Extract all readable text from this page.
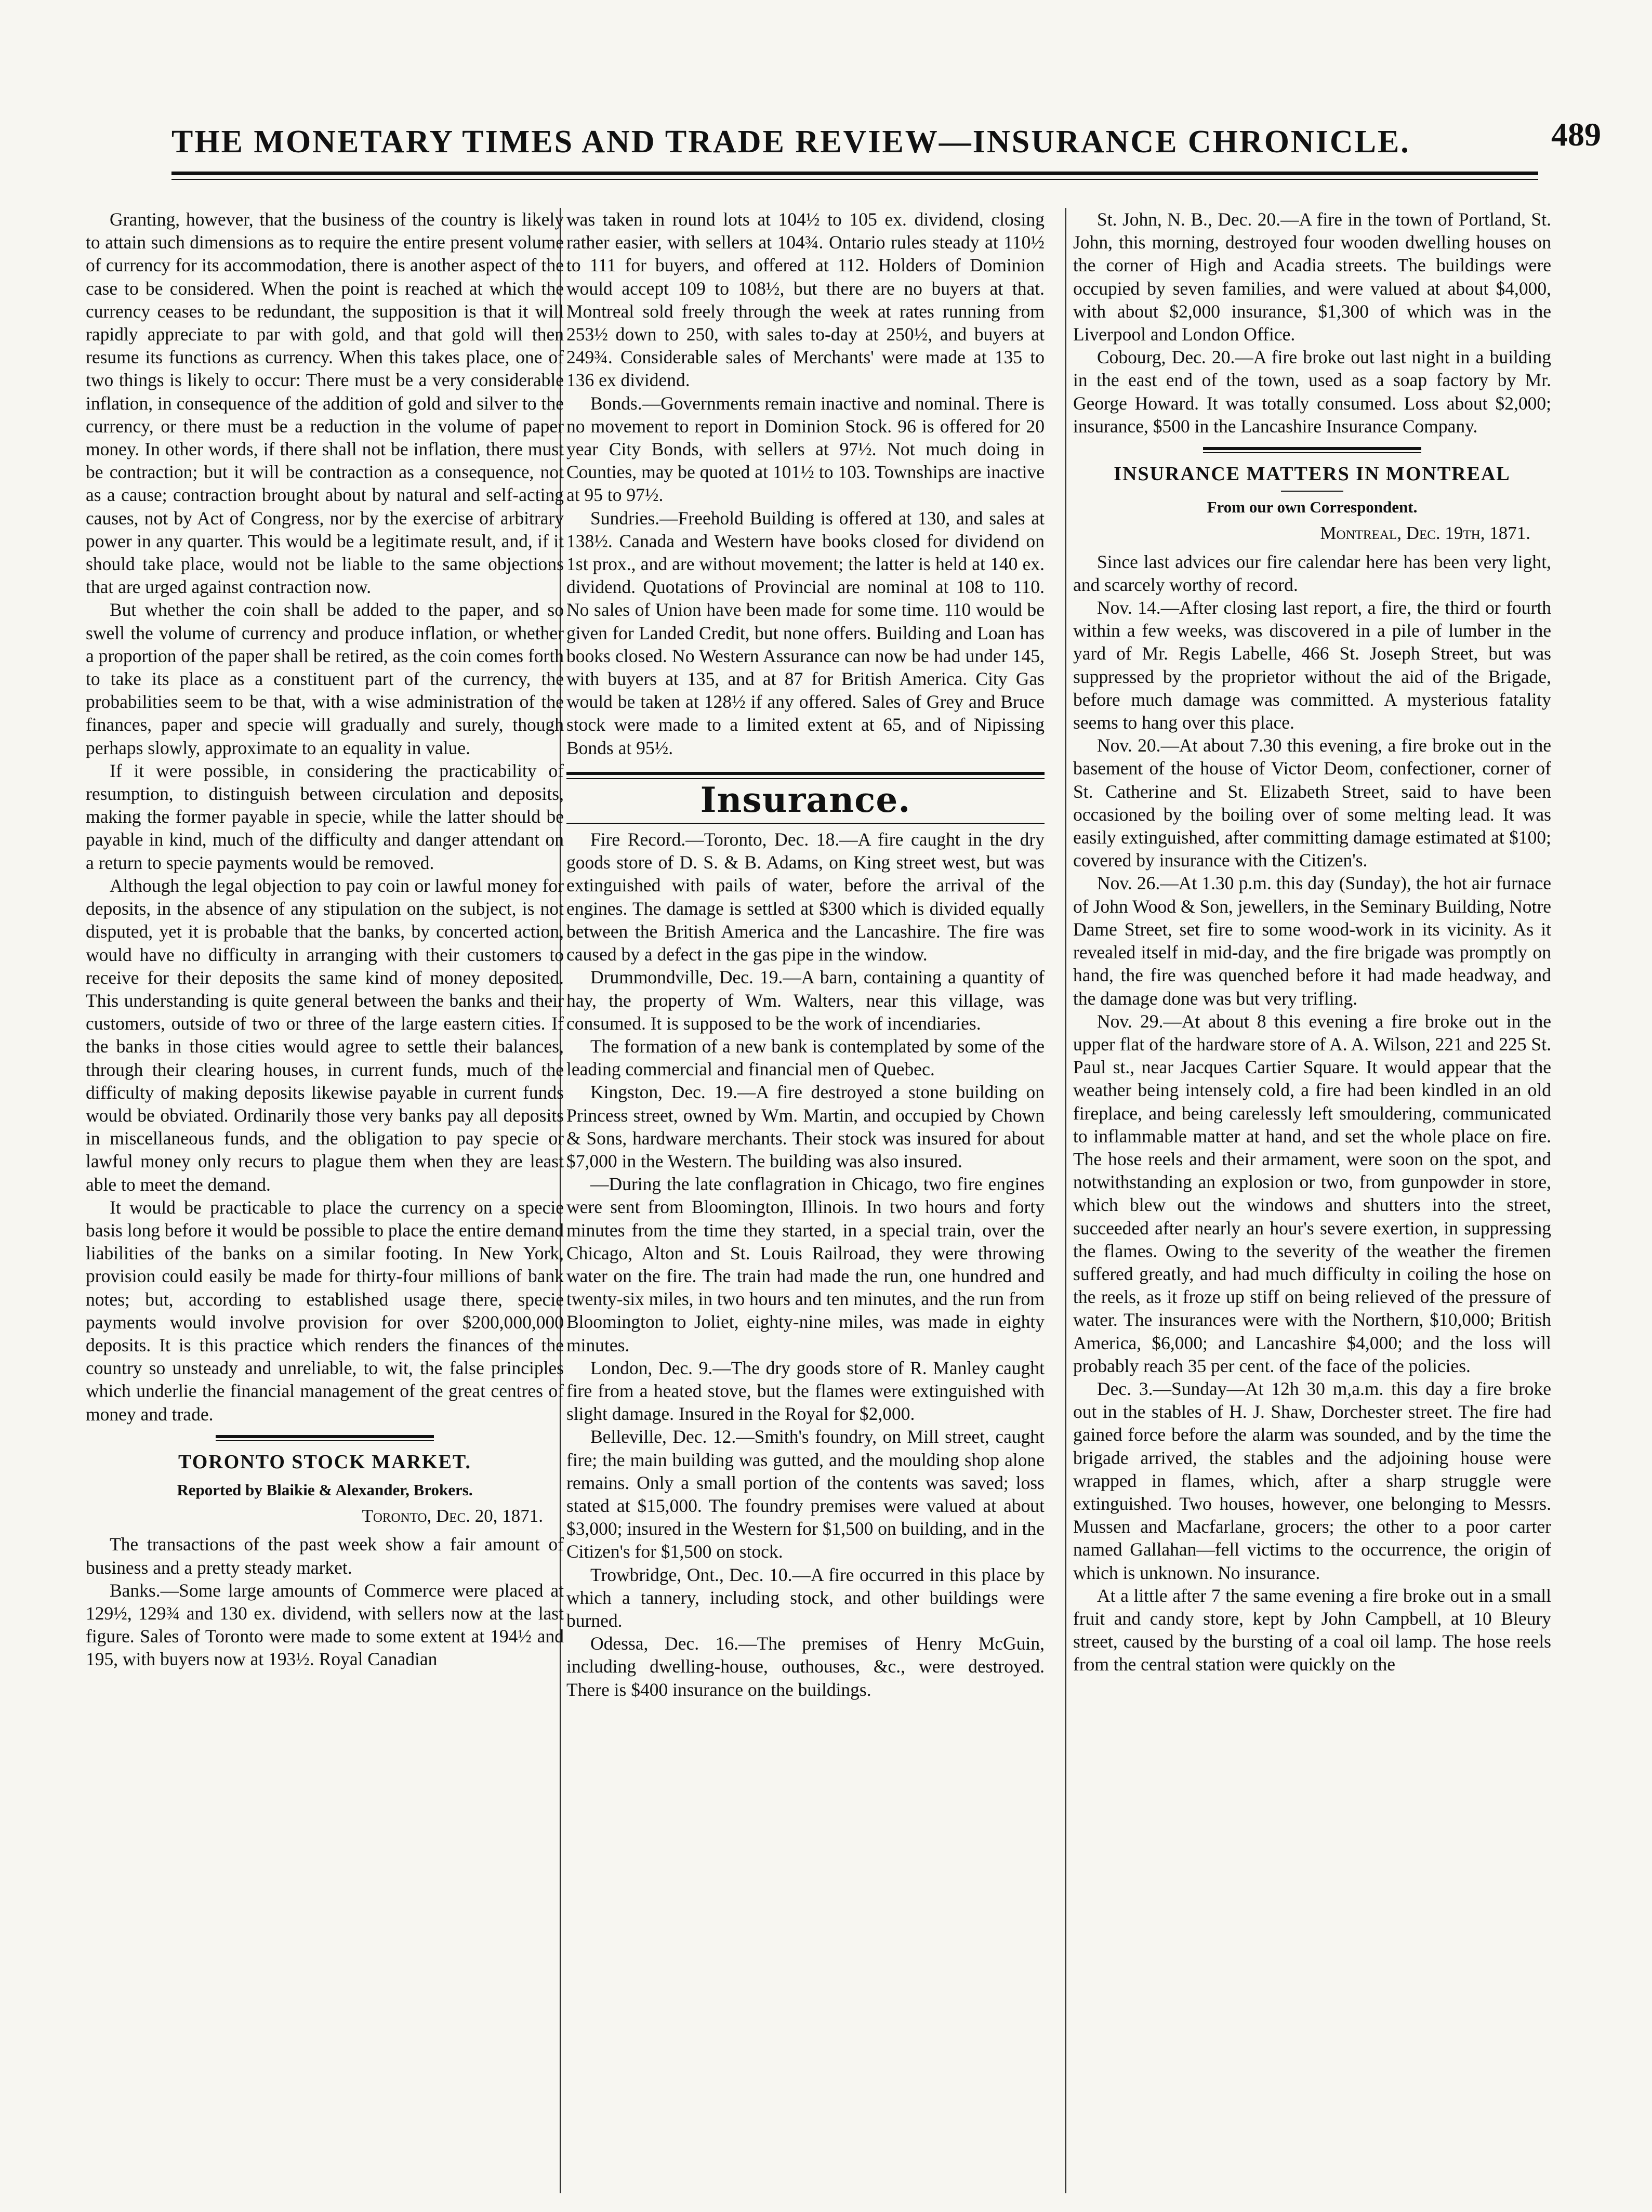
THE MONETARY TIMES AND TRADE REVIEW—INSURANCE CHRONICLE.	489

Granting, however, that the business of the country is likely to attain such dimensions as to require the entire present volume of currency for its accommodation, there is another aspect of the case to be considered. When the point is reached at which the currency ceases to be redundant, the supposition is that it will rapidly appreciate to par with gold, and that gold will then resume its functions as currency. When this takes place, one of two things is likely to occur: There must be a very considerable inflation, in consequence of the addition of gold and silver to the currency, or there must be a reduction in the volume of paper money. In other words, if there shall not be inflation, there must be contraction; but it will be contraction as a consequence, not as a cause; contraction brought about by natural and self-acting causes, not by Act of Congress, nor by the exercise of arbitrary power in any quarter. This would be a legitimate result, and, if it should take place, would not be liable to the same objections that are urged against contraction now.

But whether the coin shall be added to the paper, and so swell the volume of currency and produce inflation, or whether a proportion of the paper shall be retired, as the coin comes forth to take its place as a constituent part of the currency, the probabilities seem to be that, with a wise administration of the finances, paper and specie will gradually and surely, though perhaps slowly, approximate to an equality in value.

If it were possible, in considering the practicability of resumption, to distinguish between circulation and deposits, making the former payable in specie, while the latter should be payable in kind, much of the difficulty and danger attendant on a return to specie payments would be removed.

Although the legal objection to pay coin or lawful money for deposits, in the absence of any stipulation on the subject, is not disputed, yet it is probable that the banks, by concerted action, would have no difficulty in arranging with their customers to receive for their deposits the same kind of money deposited. This understanding is quite general between the banks and their customers, outside of two or three of the large eastern cities. If the banks in those cities would agree to settle their balances, through their clearing houses, in current funds, much of the difficulty of making deposits likewise payable in current funds would be obviated. Ordinarily those very banks pay all deposits in miscellaneous funds, and the obligation to pay specie or lawful money only recurs to plague them when they are least able to meet the demand.

It would be practicable to place the currency on a specie basis long before it would be possible to place the entire demand liabilities of the banks on a similar footing. In New York, provision could easily be made for thirty-four millions of bank notes; but, according to established usage there, specie payments would involve provision for over $200,000,000 deposits. It is this practice which renders the finances of the country so unsteady and unreliable, to wit, the false principles which underlie the financial management of the great centres of money and trade.

TORONTO STOCK MARKET.
Reported by Blaikie & Alexander, Brokers.
Toronto, Dec. 20, 1871.

The transactions of the past week show a fair amount of business and a pretty steady market.

Banks.—Some large amounts of Commerce were placed at 129½, 129¾ and 130 ex. dividend, with sellers now at the last figure. Sales of Toronto were made to some extent at 194½ and 195, with buyers now at 193½. Royal Canadian

was taken in round lots at 104½ to 105 ex. dividend, closing rather easier, with sellers at 104¾. Ontario rules steady at 110½ to 111 for buyers, and offered at 112. Holders of Dominion would accept 109 to 108½, but there are no buyers at that. Montreal sold freely through the week at rates running from 253½ down to 250, with sales to-day at 250½, and buyers at 249¾. Considerable sales of Merchants' were made at 135 to 136 ex dividend.

Bonds.—Governments remain inactive and nominal. There is no movement to report in Dominion Stock. 96 is offered for 20 year City Bonds, with sellers at 97½. Not much doing in Counties, may be quoted at 101½ to 103. Townships are inactive at 95 to 97½.

Sundries.—Freehold Building is offered at 130, and sales at 138½. Canada and Western have books closed for dividend on 1st prox., and are without movement; the latter is held at 140 ex. dividend. Quotations of Provincial are nominal at 108 to 110. No sales of Union have been made for some time. 110 would be given for Landed Credit, but none offers. Building and Loan has books closed. No Western Assurance can now be had under 145, with buyers at 135, and at 87 for British America. City Gas would be taken at 128½ if any offered. Sales of Grey and Bruce stock were made to a limited extent at 65, and of Nipissing Bonds at 95½.

Insurance.

Fire Record.—Toronto, Dec. 18.—A fire caught in the dry goods store of D. S. & B. Adams, on King street west, but was extinguished with pails of water, before the arrival of the engines. The damage is settled at $300 which is divided equally between the British America and the Lancashire. The fire was caused by a defect in the gas pipe in the window.

Drummondville, Dec. 19.—A barn, containing a quantity of hay, the property of Wm. Walters, near this village, was consumed. It is supposed to be the work of incendiaries.

The formation of a new bank is contemplated by some of the leading commercial and financial men of Quebec.

Kingston, Dec. 19.—A fire destroyed a stone building on Princess street, owned by Wm. Martin, and occupied by Chown & Sons, hardware merchants. Their stock was insured for about $7,000 in the Western. The building was also insured.

—During the late conflagration in Chicago, two fire engines were sent from Bloomington, Illinois. In two hours and forty minutes from the time they started, in a special train, over the Chicago, Alton and St. Louis Railroad, they were throwing water on the fire. The train had made the run, one hundred and twenty-six miles, in two hours and ten minutes, and the run from Bloomington to Joliet, eighty-nine miles, was made in eighty minutes.

London, Dec. 9.—The dry goods store of R. Manley caught fire from a heated stove, but the flames were extinguished with slight damage. Insured in the Royal for $2,000.

Belleville, Dec. 12.—Smith's foundry, on Mill street, caught fire; the main building was gutted, and the moulding shop alone remains. Only a small portion of the contents was saved; loss stated at $15,000. The foundry premises were valued at about $3,000; insured in the Western for $1,500 on building, and in the Citizen's for $1,500 on stock.

Trowbridge, Ont., Dec. 10.—A fire occurred in this place by which a tannery, including stock, and other buildings were burned.

Odessa, Dec. 16.—The premises of Henry McGuin, including dwelling-house, outhouses, &c., were destroyed. There is $400 insurance on the buildings.

St. John, N. B., Dec. 20.—A fire in the town of Portland, St. John, this morning, destroyed four wooden dwelling houses on the corner of High and Acadia streets. The buildings were occupied by seven families, and were valued at about $4,000, with about $2,000 insurance, $1,300 of which was in the Liverpool and London Office.

Cobourg, Dec. 20.—A fire broke out last night in a building in the east end of the town, used as a soap factory by Mr. George Howard. It was totally consumed. Loss about $2,000; insurance, $500 in the Lancashire Insurance Company.

INSURANCE MATTERS IN MONTREAL
From our own Correspondent.
Montreal, Dec. 19th, 1871.

Since last advices our fire calendar here has been very light, and scarcely worthy of record.

Nov. 14.—After closing last report, a fire, the third or fourth within a few weeks, was discovered in a pile of lumber in the yard of Mr. Regis Labelle, 466 St. Joseph Street, but was suppressed by the proprietor without the aid of the Brigade, before much damage was committed. A mysterious fatality seems to hang over this place.

Nov. 20.—At about 7.30 this evening, a fire broke out in the basement of the house of Victor Deom, confectioner, corner of St. Catherine and St. Elizabeth Street, said to have been occasioned by the boiling over of some melting lead. It was easily extinguished, after committing damage estimated at $100; covered by insurance with the Citizen's.

Nov. 26.—At 1.30 p.m. this day (Sunday), the hot air furnace of John Wood & Son, jewellers, in the Seminary Building, Notre Dame Street, set fire to some wood-work in its vicinity. As it revealed itself in mid-day, and the fire brigade was promptly on hand, the fire was quenched before it had made headway, and the damage done was but very trifling.

Nov. 29.—At about 8 this evening a fire broke out in the upper flat of the hardware store of A. A. Wilson, 221 and 225 St. Paul st., near Jacques Cartier Square. It would appear that the weather being intensely cold, a fire had been kindled in an old fireplace, and being carelessly left smouldering, communicated to inflammable matter at hand, and set the whole place on fire. The hose reels and their armament, were soon on the spot, and notwithstanding an explosion or two, from gunpowder in store, which blew out the windows and shutters into the street, succeeded after nearly an hour's severe exertion, in suppressing the flames. Owing to the severity of the weather the firemen suffered greatly, and had much difficulty in coiling the hose on the reels, as it froze up stiff on being relieved of the pressure of water. The insurances were with the Northern, $10,000; British America, $6,000; and Lancashire $4,000; and the loss will probably reach 35 per cent. of the face of the policies.

Dec. 3.—Sunday—At 12h 30 m,a.m. this day a fire broke out in the stables of H. J. Shaw, Dorchester street. The fire had gained force before the alarm was sounded, and by the time the brigade arrived, the stables and the adjoining house were wrapped in flames, which, after a sharp struggle were extinguished. Two houses, however, one belonging to Messrs. Mussen and Macfarlane, grocers; the other to a poor carter named Gallahan—fell victims to the occurrence, the origin of which is unknown. No insurance.

At a little after 7 the same evening a fire broke out in a small fruit and candy store, kept by John Campbell, at 10 Bleury street, caused by the bursting of a coal oil lamp. The hose reels from the central station were quickly on the
